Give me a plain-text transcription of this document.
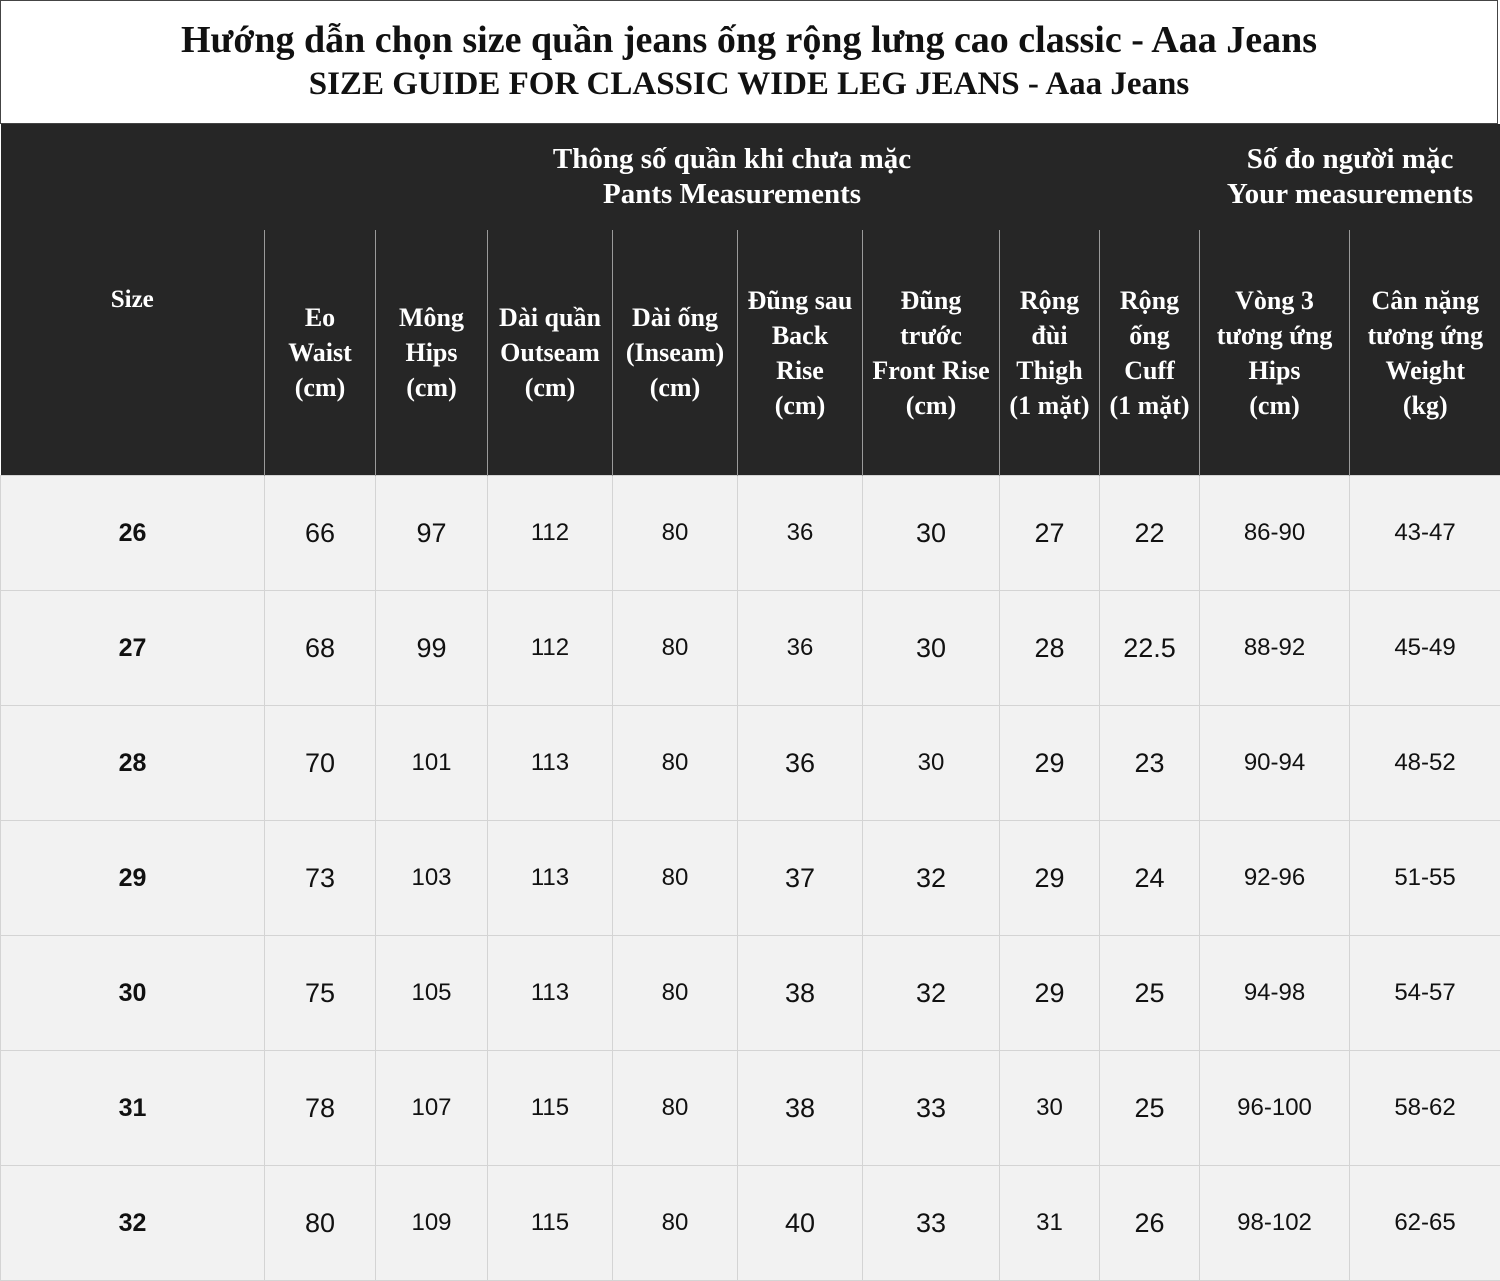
Hướng dẫn chọn size quần jeans ống rộng lưng cao classic - Aaa Jeans
SIZE GUIDE FOR CLASSIC WIDE LEG JEANS - Aaa Jeans
Size	Thông số quần khi chưa mặc
Pants Measurements								Số đo người mặc
Your measurements	

	Eo
Waist
(cm)	Mông
Hips
(cm)	Dài quần
Outseam
(cm)	Dài ống
(Inseam)
(cm)	Đũng sau
Back
Rise
(cm)	Đũng
trước
Front Rise
(cm)	Rộng
đùi
Thigh
(1 mặt)	Rộng
ống
Cuff
(1 mặt)	Vòng 3
tương ứng
Hips
(cm)	Cân nặng
tương ứng
Weight
(kg)

26	66	97	112	80	36	30	27	22	86-90	43-47
27	68	99	112	80	36	30	28	22.5	88-92	45-49
28	70	101	113	80	36	30	29	23	90-94	48-52
29	73	103	113	80	37	32	29	24	92-96	51-55
30	75	105	113	80	38	32	29	25	94-98	54-57
31	78	107	115	80	38	33	30	25	96-100	58-62
32	80	109	115	80	40	33	31	26	98-102	62-65
